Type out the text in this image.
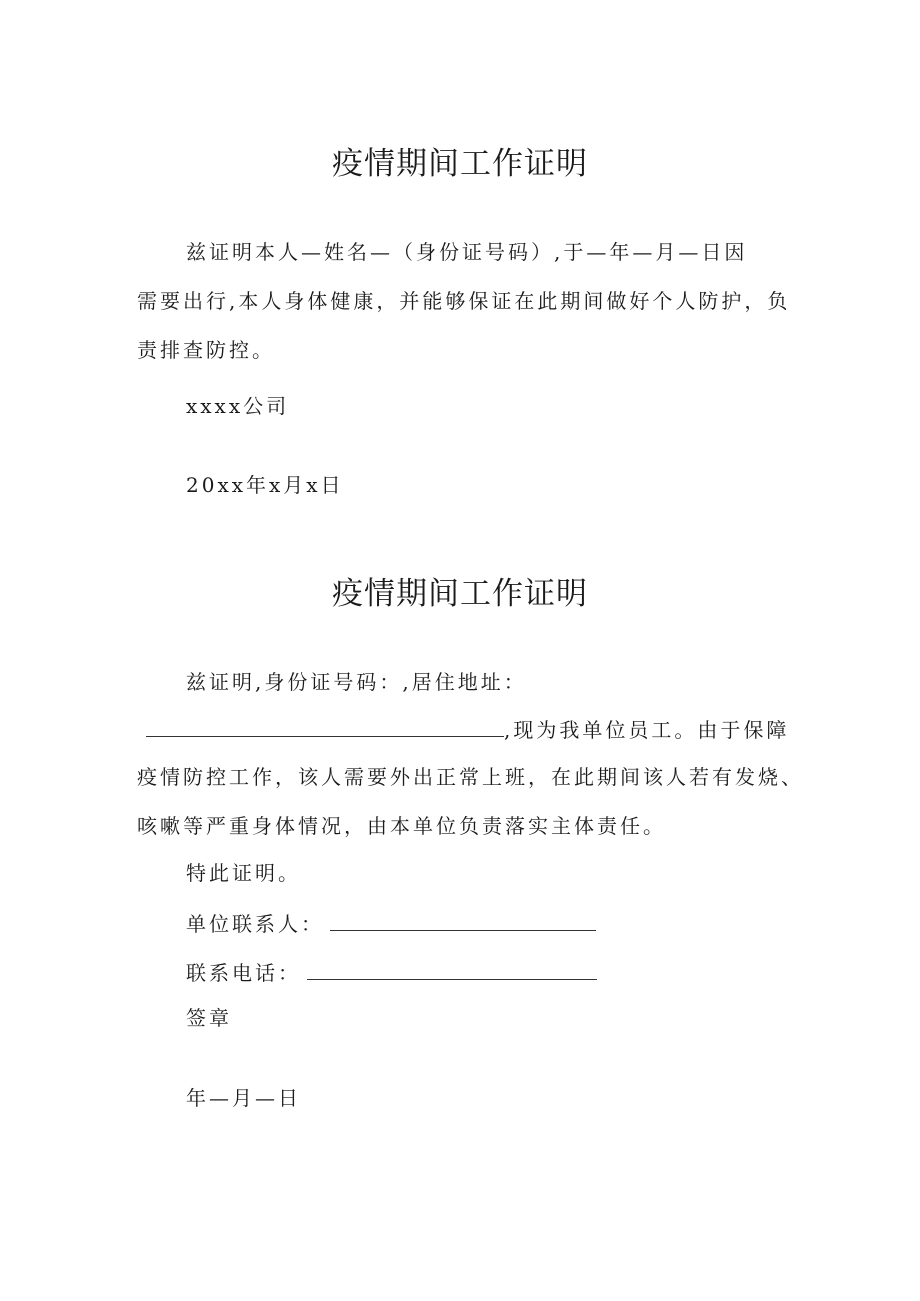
疫情期间工作证明
兹证明本人—姓名—（身份证号码）,于—年—月—日因
需要出行,本人身体健康，并能够保证在此期间做好个人防护，负
责排查防控。
xxxx公司
20xx年x月x日
疫情期间工作证明
兹证明,身份证号码：,居住地址：
,现为我单位员工。由于保障
疫情防控工作，该人需要外出正常上班，在此期间该人若有发烧、
咳嗽等严重身体情况，由本单位负责落实主体责任。
特此证明。
单位联系人：
联系电话：
签章
年—月—日
